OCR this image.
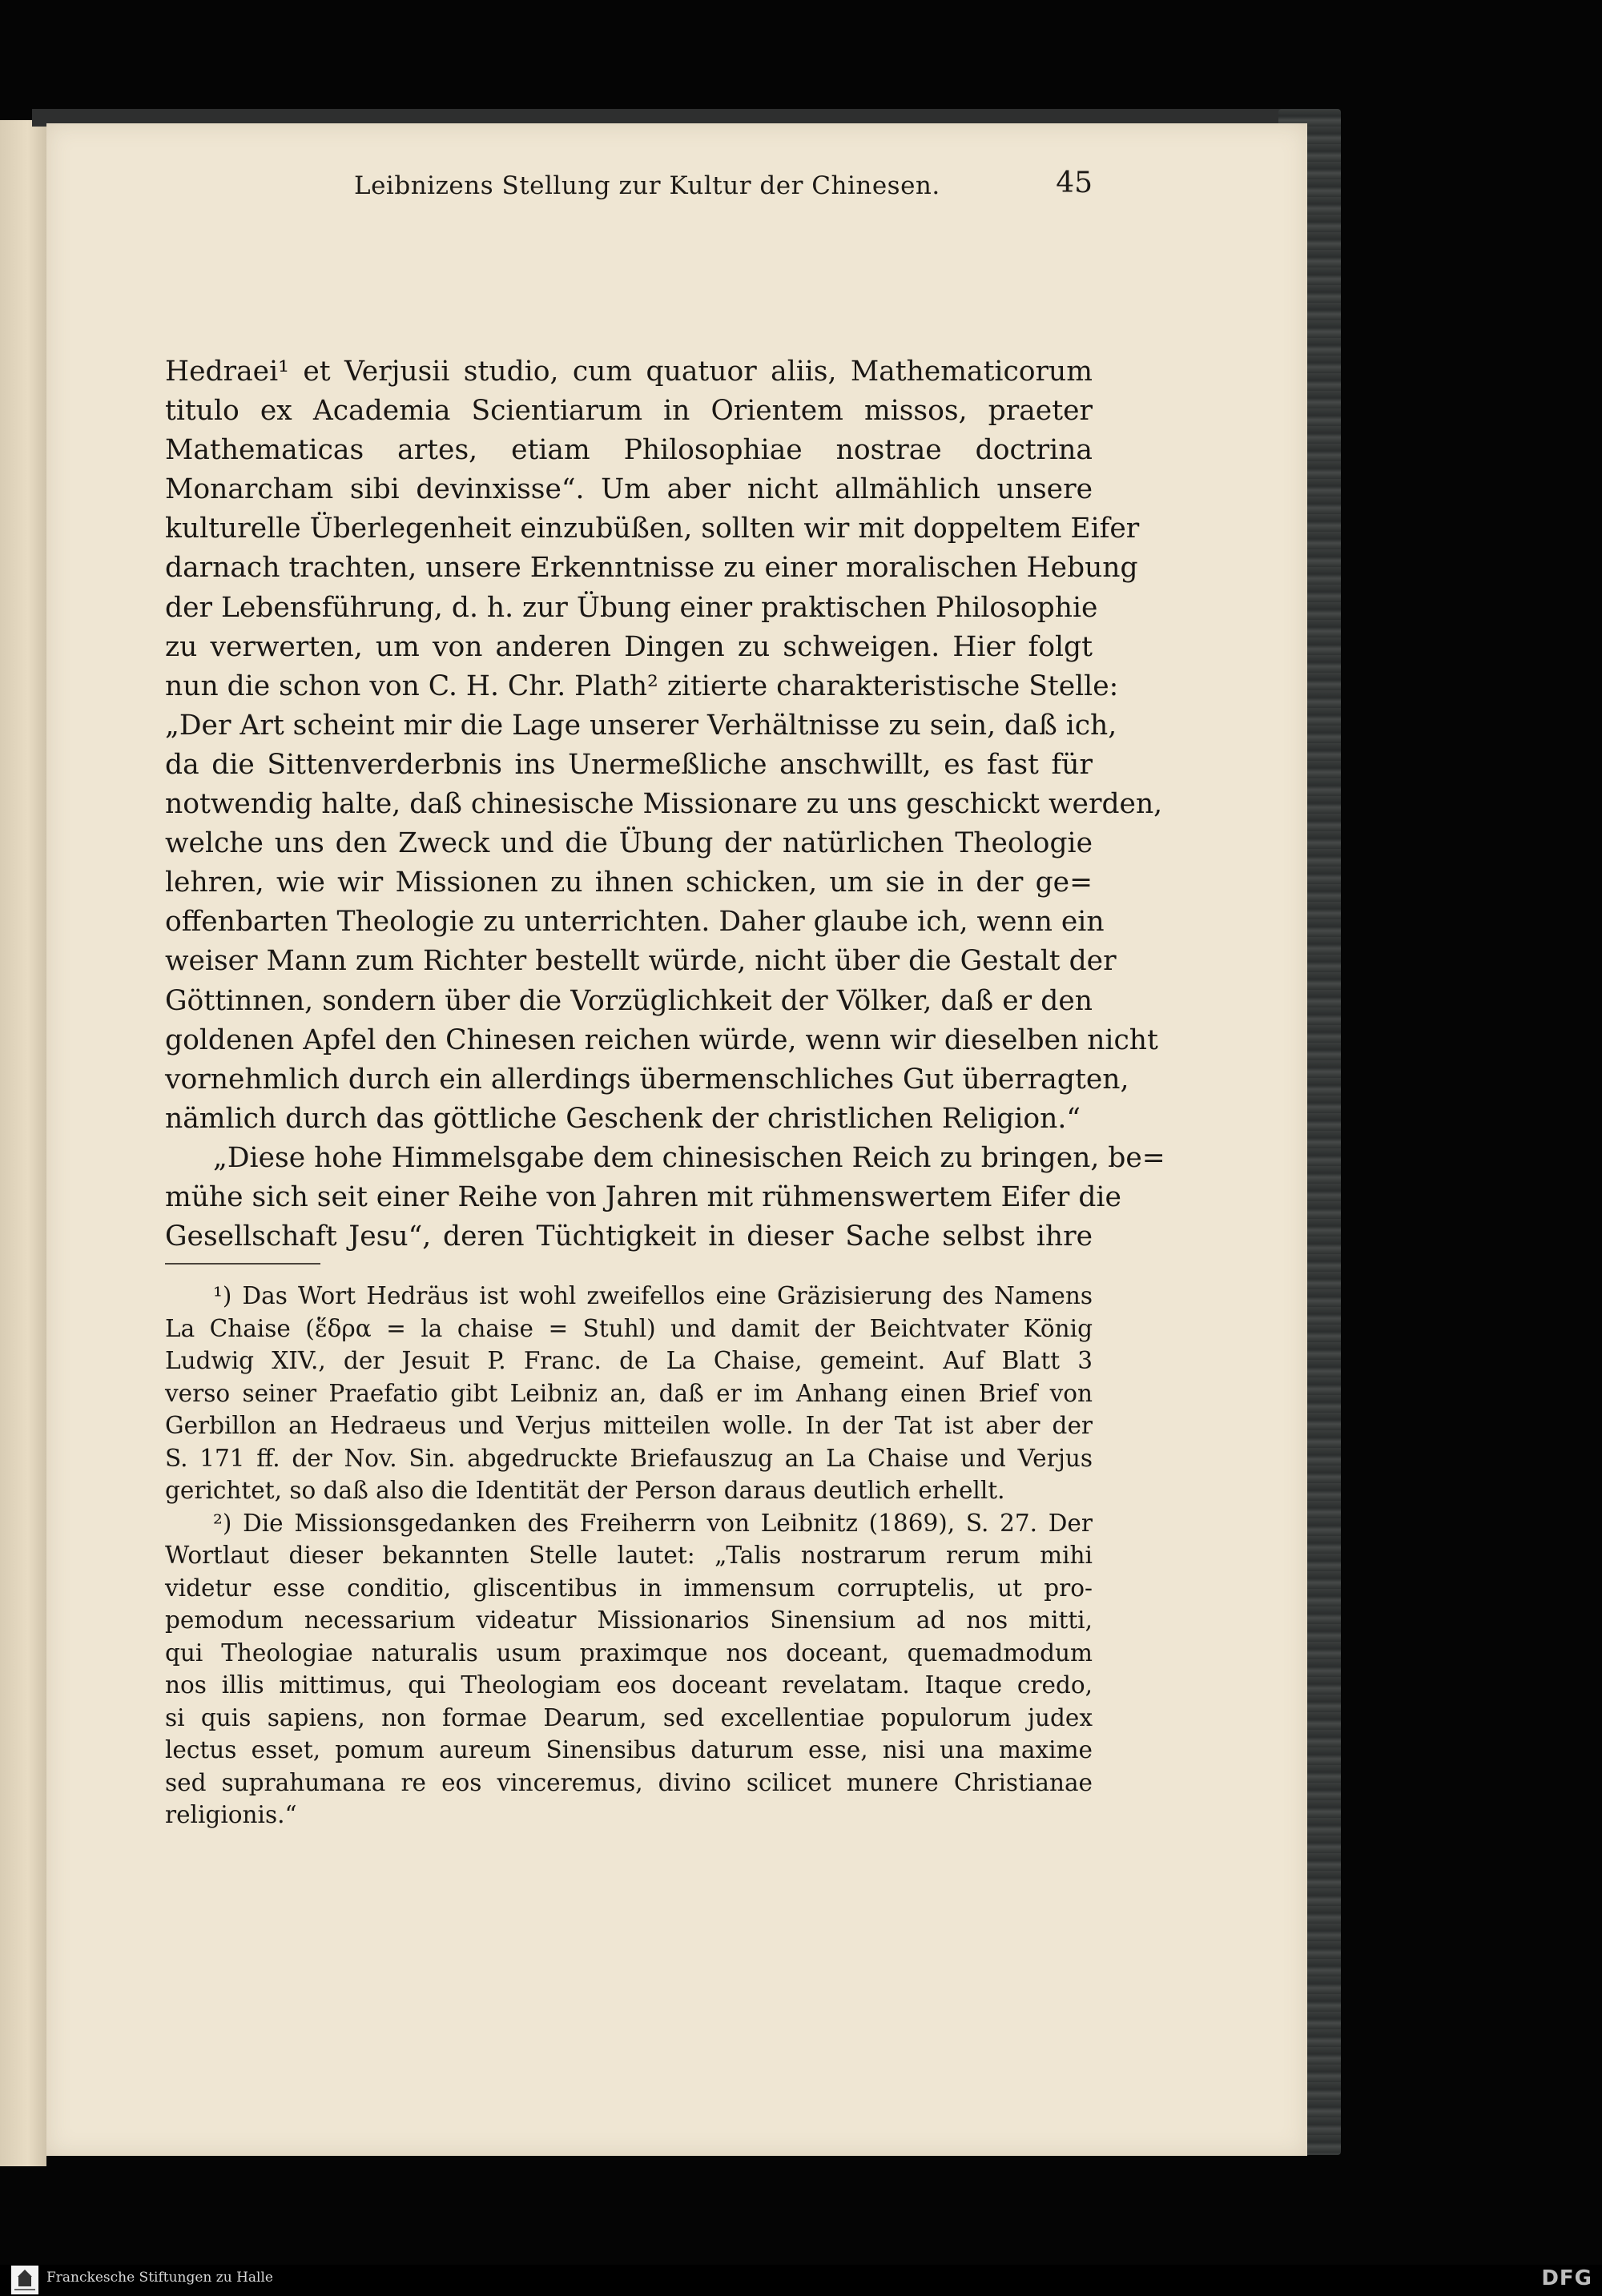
Leibnizens Stellung zur Kultur der Chinesen.	45
Hedraei¹ et Verjusii studio, cum quatuor aliis, Mathematicorum
titulo ex Academia Scientiarum in Orientem missos, praeter
Mathematicas artes, etiam Philosophiae nostrae doctrina
Monarcham sibi devinxisse“. Um aber nicht allmählich unsere
kulturelle Überlegenheit einzubüßen, sollten wir mit doppeltem Eifer
darnach trachten, unsere Erkenntnisse zu einer moralischen Hebung
der Lebensführung, d. h. zur Übung einer praktischen Philosophie
zu verwerten, um von anderen Dingen zu schweigen. Hier folgt
nun die schon von C. H. Chr. Plath² zitierte charakteristische Stelle:
„Der Art scheint mir die Lage unserer Verhältnisse zu sein, daß ich,
da die Sittenverderbnis ins Unermeßliche anschwillt, es fast für
notwendig halte, daß chinesische Missionare zu uns geschickt werden,
welche uns den Zweck und die Übung der natürlichen Theologie
lehren, wie wir Missionen zu ihnen schicken, um sie in der ge=
offenbarten Theologie zu unterrichten. Daher glaube ich, wenn ein
weiser Mann zum Richter bestellt würde, nicht über die Gestalt der
Göttinnen, sondern über die Vorzüglichkeit der Völker, daß er den
goldenen Apfel den Chinesen reichen würde, wenn wir dieselben nicht
vornehmlich durch ein allerdings übermenschliches Gut überragten,
nämlich durch das göttliche Geschenk der christlichen Religion.“
„Diese hohe Himmelsgabe dem chinesischen Reich zu bringen, be=
mühe sich seit einer Reihe von Jahren mit rühmenswertem Eifer die
Gesellschaft Jesu“, deren Tüchtigkeit in dieser Sache selbst ihre
¹) Das Wort Hedräus ist wohl zweifellos eine Gräzisierung des Namens
La Chaise (ἕδρα = la chaise = Stuhl) und damit der Beichtvater König
Ludwig XIV., der Jesuit P. Franc. de La Chaise, gemeint. Auf Blatt 3
verso seiner Praefatio gibt Leibniz an, daß er im Anhang einen Brief von
Gerbillon an Hedraeus und Verjus mitteilen wolle. In der Tat ist aber der
S. 171 ff. der Nov. Sin. abgedruckte Briefauszug an La Chaise und Verjus
gerichtet, so daß also die Identität der Person daraus deutlich erhellt.
²) Die Missionsgedanken des Freiherrn von Leibnitz (1869), S. 27. Der
Wortlaut dieser bekannten Stelle lautet: „Talis nostrarum rerum mihi
videtur esse conditio, gliscentibus in immensum corruptelis, ut pro-
pemodum necessarium videatur Missionarios Sinensium ad nos mitti,
qui Theologiae naturalis usum praximque nos doceant, quemadmodum
nos illis mittimus, qui Theologiam eos doceant revelatam. Itaque credo,
si quis sapiens, non formae Dearum, sed excellentiae populorum judex
lectus esset, pomum aureum Sinensibus daturum esse, nisi una maxime
sed suprahumana re eos vinceremus, divino scilicet munere Christianae
religionis.“
Franckesche Stiftungen zu Halle	DFG
